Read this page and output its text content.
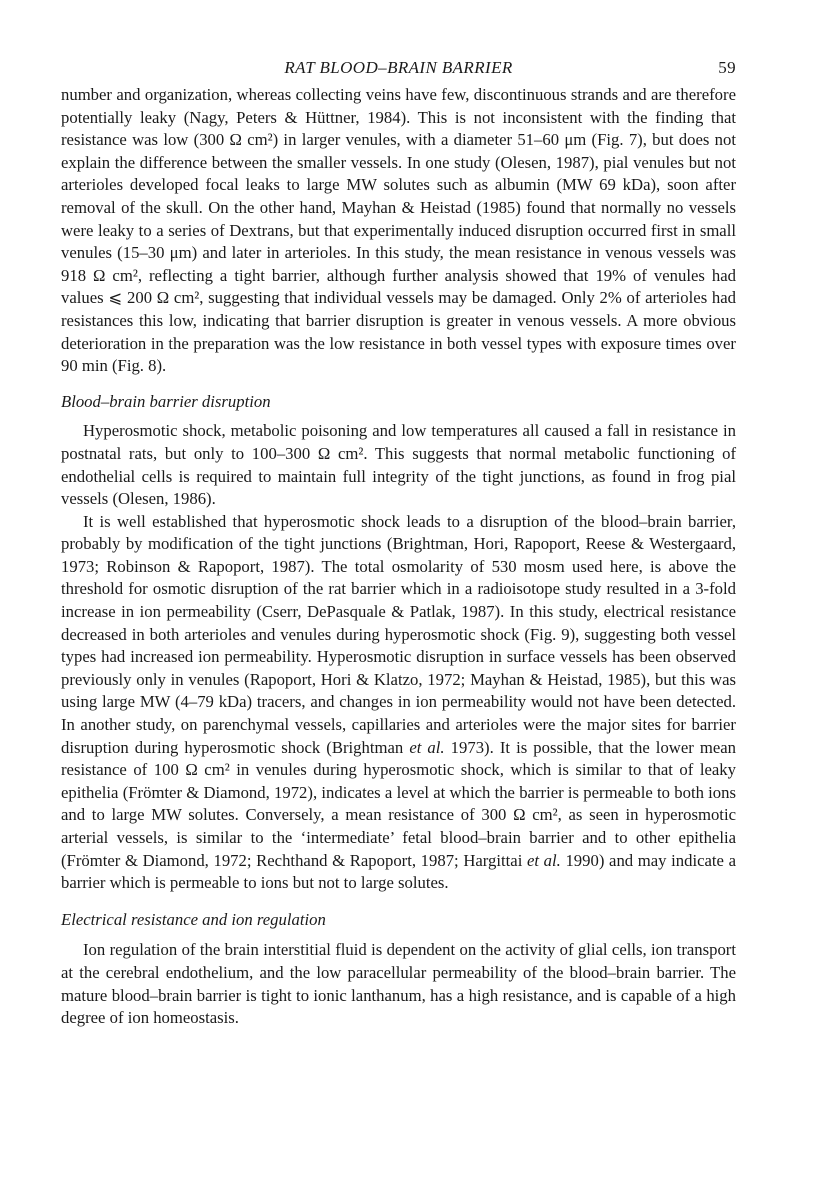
RAT BLOOD–BRAIN BARRIER	59

number and organization, whereas collecting veins have few, discontinuous strands and are therefore potentially leaky (Nagy, Peters & Hüttner, 1984). This is not inconsistent with the finding that resistance was low (300 Ω cm²) in larger venules, with a diameter 51–60 μm (Fig. 7), but does not explain the difference between the smaller vessels. In one study (Olesen, 1987), pial venules but not arterioles developed focal leaks to large MW solutes such as albumin (MW 69 kDa), soon after removal of the skull. On the other hand, Mayhan & Heistad (1985) found that normally no vessels were leaky to a series of Dextrans, but that experimentally induced disruption occurred first in small venules (15–30 μm) and later in arterioles. In this study, the mean resistance in venous vessels was 918 Ω cm², reflecting a tight barrier, although further analysis showed that 19% of venules had values ⩽ 200 Ω cm², suggesting that individual vessels may be damaged. Only 2% of arterioles had resistances this low, indicating that barrier disruption is greater in venous vessels. A more obvious deterioration in the preparation was the low resistance in both vessel types with exposure times over 90 min (Fig. 8).

Blood–brain barrier disruption

Hyperosmotic shock, metabolic poisoning and low temperatures all caused a fall in resistance in postnatal rats, but only to 100–300 Ω cm². This suggests that normal metabolic functioning of endothelial cells is required to maintain full integrity of the tight junctions, as found in frog pial vessels (Olesen, 1986).

It is well established that hyperosmotic shock leads to a disruption of the blood–brain barrier, probably by modification of the tight junctions (Brightman, Hori, Rapoport, Reese & Westergaard, 1973; Robinson & Rapoport, 1987). The total osmolarity of 530 mosm used here, is above the threshold for osmotic disruption of the rat barrier which in a radioisotope study resulted in a 3-fold increase in ion permeability (Cserr, DePasquale & Patlak, 1987). In this study, electrical resistance decreased in both arterioles and venules during hyperosmotic shock (Fig. 9), suggesting both vessel types had increased ion permeability. Hyperosmotic disruption in surface vessels has been observed previously only in venules (Rapoport, Hori & Klatzo, 1972; Mayhan & Heistad, 1985), but this was using large MW (4–79 kDa) tracers, and changes in ion permeability would not have been detected. In another study, on parenchymal vessels, capillaries and arterioles were the major sites for barrier disruption during hyperosmotic shock (Brightman et al. 1973). It is possible, that the lower mean resistance of 100 Ω cm² in venules during hyperosmotic shock, which is similar to that of leaky epithelia (Frömter & Diamond, 1972), indicates a level at which the barrier is permeable to both ions and to large MW solutes. Conversely, a mean resistance of 300 Ω cm², as seen in hyperosmotic arterial vessels, is similar to the ‘intermediate’ fetal blood–brain barrier and to other epithelia (Frömter & Diamond, 1972; Rechthand & Rapoport, 1987; Hargittai et al. 1990) and may indicate a barrier which is permeable to ions but not to large solutes.

Electrical resistance and ion regulation

Ion regulation of the brain interstitial fluid is dependent on the activity of glial cells, ion transport at the cerebral endothelium, and the low paracellular permeability of the blood–brain barrier. The mature blood–brain barrier is tight to ionic lanthanum, has a high resistance, and is capable of a high degree of ion homeostasis.
